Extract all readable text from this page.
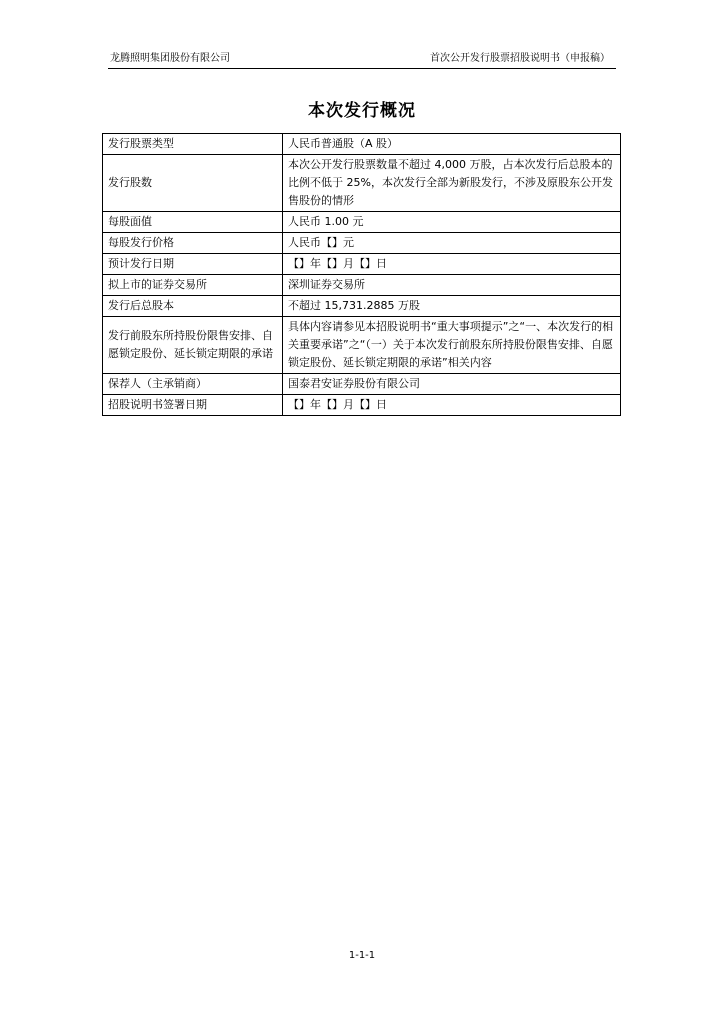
龙腾照明集团股份有限公司	首次公开发行股票招股说明书（申报稿）
本次发行概况
发行股票类型	人民币普通股（A 股）
发行股数	本次公开发行股票数量不超过 4,000 万股，占本次发行后总股本的比例不低于 25%，本次发行全部为新股发行，不涉及原股东公开发售股份的情形
每股面值	人民币 1.00 元
每股发行价格	人民币【】元
预计发行日期	【】年【】月【】日
拟上市的证券交易所	深圳证券交易所
发行后总股本	不超过 15,731.2885 万股
发行前股东所持股份限售安排、自愿锁定股份、延长锁定期限的承诺	具体内容请参见本招股说明书“重大事项提示”之“一、本次发行的相关重要承诺”之“（一）关于本次发行前股东所持股份限售安排、自愿锁定股份、延长锁定期限的承诺”相关内容
保荐人（主承销商）	国泰君安证券股份有限公司
招股说明书签署日期	【】年【】月【】日
1-1-1
